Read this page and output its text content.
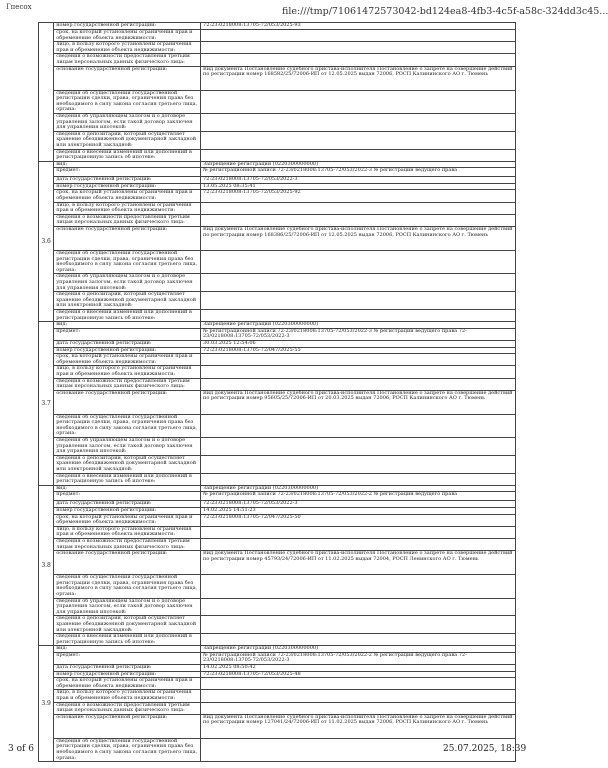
Гпесох	file:///tmp/71061472573042-bd124ea8-4fb3-4c5f-a58c-324dd3c45...
	номер государственной регистрации:	72:23:0218008:13705-72/053/2025-93
	срок, на который установлены ограничения прав и обременение объекта недвижимости:	
	лицо, в пользу которого установлены ограничения прав и обременение объекта недвижимости:	
	сведения о возможности предоставления третьим лицам персональных данных физического лица:	
	основание государственной регистрации:	Вид документа Постановление судебного пристава-исполнителя Постановление о запрете на совершение действий по регистрации номер 168582/25/72006-ИП от 12.05.2025 выдан 72006, РОСП Калининского АО г. Тюмень
	сведения об осуществлении государственной регистрации сделки, права, ограничения права без необходимого в силу закона согласия третьего лица, органа:	
	сведения об управляющем залогом и о договоре управления залогом, если такой договор заключен для управления ипотекой:	
	сведения о депозитарии, который осуществляет хранение обездвиженной документарной закладной или электронной закладной:	
	сведения о внесении изменений или дополнений в регистрационную запись об ипотеке:	
3.6	вид:	Запрещение регистрации (0220300000000)
	предмет:	№ регистрационной записи 72-23/0218008:13705-72/053/2022-3 № регистрации ведущего права
	дата государственной регистрации:	72:23:0218008:13705-72/053/2022-3
	номер государственной регистрации:	13.05.2025 08:35:41
	срок, на который установлены ограничения прав и обременение объекта недвижимости:	72:23:0218008:13705-72/053/2025-92
	лицо, в пользу которого установлены ограничения прав и обременение объекта недвижимости:	
	сведения о возможности предоставления третьим лицам персональных данных физического лица:	
	основание государственной регистрации:	Вид документа Постановление судебного пристава-исполнителя Постановление о запрете на совершение действий по регистрации номер 168386/25/72006-ИП от 12.05.2025 выдан 72006, РОСП Калининского АО г. Тюмень
	сведения об осуществлении государственной регистрации сделки, права, ограничения права без необходимого в силу закона согласия третьего лица, органа:	
	сведения об управляющем залогом и о договоре управления залогом, если такой договор заключен для управления ипотекой:	
	сведения о депозитарии, который осуществляет хранение обездвиженной документарной закладной или электронной закладной:	
	сведения о внесении изменений или дополнений в регистрационную запись об ипотеке:	
3.7	вид:	Запрещение регистрации (0220300000000)
	предмет:	№ регистрационной записи 72-23/0218008:13705-72/053/2022-3 № регистрации ведущего права 72-23/0218008:13705-72/053/2022-3
	дата государственной регистрации:	30.03.2025 12:54:06
	номер государственной регистрации:	72:23:0218008:13705-72/047/2025-55
	срок, на который установлены ограничения прав и обременение объекта недвижимости:	
	лицо, в пользу которого установлены ограничения прав и обременение объекта недвижимости:	
	сведения о возможности предоставления третьим лицам персональных данных физического лица:	
	основание государственной регистрации:	Вид документа Постановление судебного пристава-исполнителя Постановление о запрете на совершение действий по регистрации номер 95605/25/72006-ИП от 20.03.2025 выдан 72006, РОСП Калининского АО г. Тюмень
	сведения об осуществлении государственной регистрации сделки, права, ограничения права без необходимого в силу закона согласия третьего лица, органа:	
	сведения об управляющем залогом и о договоре управления залогом, если такой договор заключен для управления ипотекой:	
	сведения о депозитарии, который осуществляет хранение обездвиженной документарной закладной или электронной закладной:	
	сведения о внесении изменений или дополнений в регистрационную запись об ипотеке:	
3.8	вид:	Запрещение регистрации (0220300000000)
	предмет:	№ регистрационной записи 72-23/0218008:13705-72/053/2022-2 № регистрации ведущего права
	дата государственной регистрации:	72:23:0218008:13705-72/053/2022-3
	номер государственной регистрации:	14.02.2025 14:51:23
	срок, на который установлены ограничения прав и обременение объекта недвижимости:	72:23:0218008:13705-72/047/2025-50
	лицо, в пользу которого установлены ограничения прав и обременение объекта недвижимости:	
	сведения о возможности предоставления третьим лицам персональных данных физического лица:	
	основание государственной регистрации:	Вид документа Постановление судебного пристава-исполнителя Постановление о запрете на совершение действий по регистрации номер 45793/24/72006-ИП от 11.02.2025 выдан 72004, РОСП Ленинского АО г. Тюмень
	сведения об осуществлении государственной регистрации сделки, права, ограничения права без необходимого в силу закона согласия третьего лица, органа:	
	сведения об управляющем залогом и о договоре управления залогом, если такой договор заключен для управления ипотекой:	
	сведения о депозитарии, который осуществляет хранение обездвиженной документарной закладной или электронной закладной:	
	сведения о внесении изменений или дополнений в регистрационную запись об ипотеке:	
3.9	вид:	Запрещение регистрации (0220300000000)
	предмет:	№ регистрационной записи 72-23/0218008:13705-72/053/2022-2 № регистрации ведущего права 72-23/0218008:13705-72/053/2022-3
	дата государственной регистрации:	14.02.2025 08:50:42
	номер государственной регистрации:	72:23:0218008:13705-72/053/2025-48
	срок, на который установлены ограничения прав и обременение объекта недвижимости:	
	лицо, в пользу которого установлены ограничения прав и обременение объекта недвижимости:	
	сведения о возможности предоставления третьим лицам персональных данных физического лица:	
	основание государственной регистрации:	Вид документа Постановление судебного пристава-исполнителя Постановление о запрете на совершение действий по регистрации номер 127041/24/72006-ИП от 11.02.2025 выдан 72006, РОСП Калининского АО г. Тюмень
	сведения об осуществлении государственной регистрации сделки, права, ограничения права без необходимого в силу закона согласия третьего лица, органа:	
3 of 6	25.07.2025, 18:39
